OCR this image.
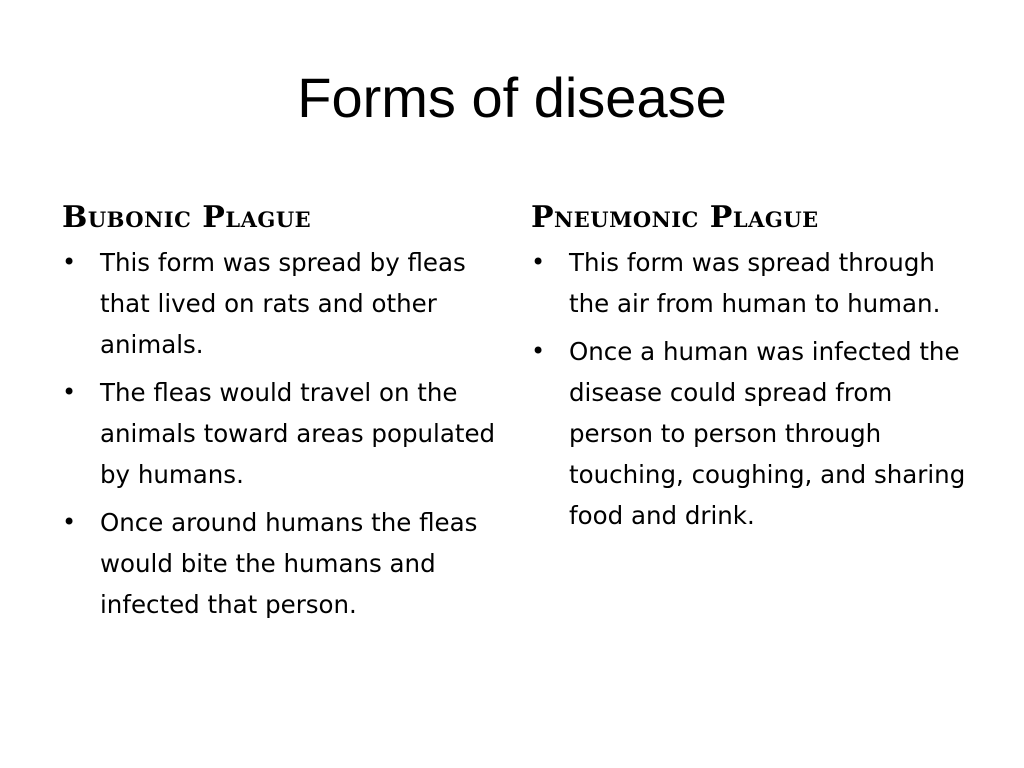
Forms of disease
Bubonic Plague
• This form was spread by fleas that lived on rats and other animals.
• The fleas would travel on the animals toward areas populated by humans.
• Once around humans the fleas would bite the humans and infected that person.
Pneumonic Plague
• This form was spread through the air from human to human.
• Once a human was infected the disease could spread from person to person through touching, coughing, and sharing food and drink.
